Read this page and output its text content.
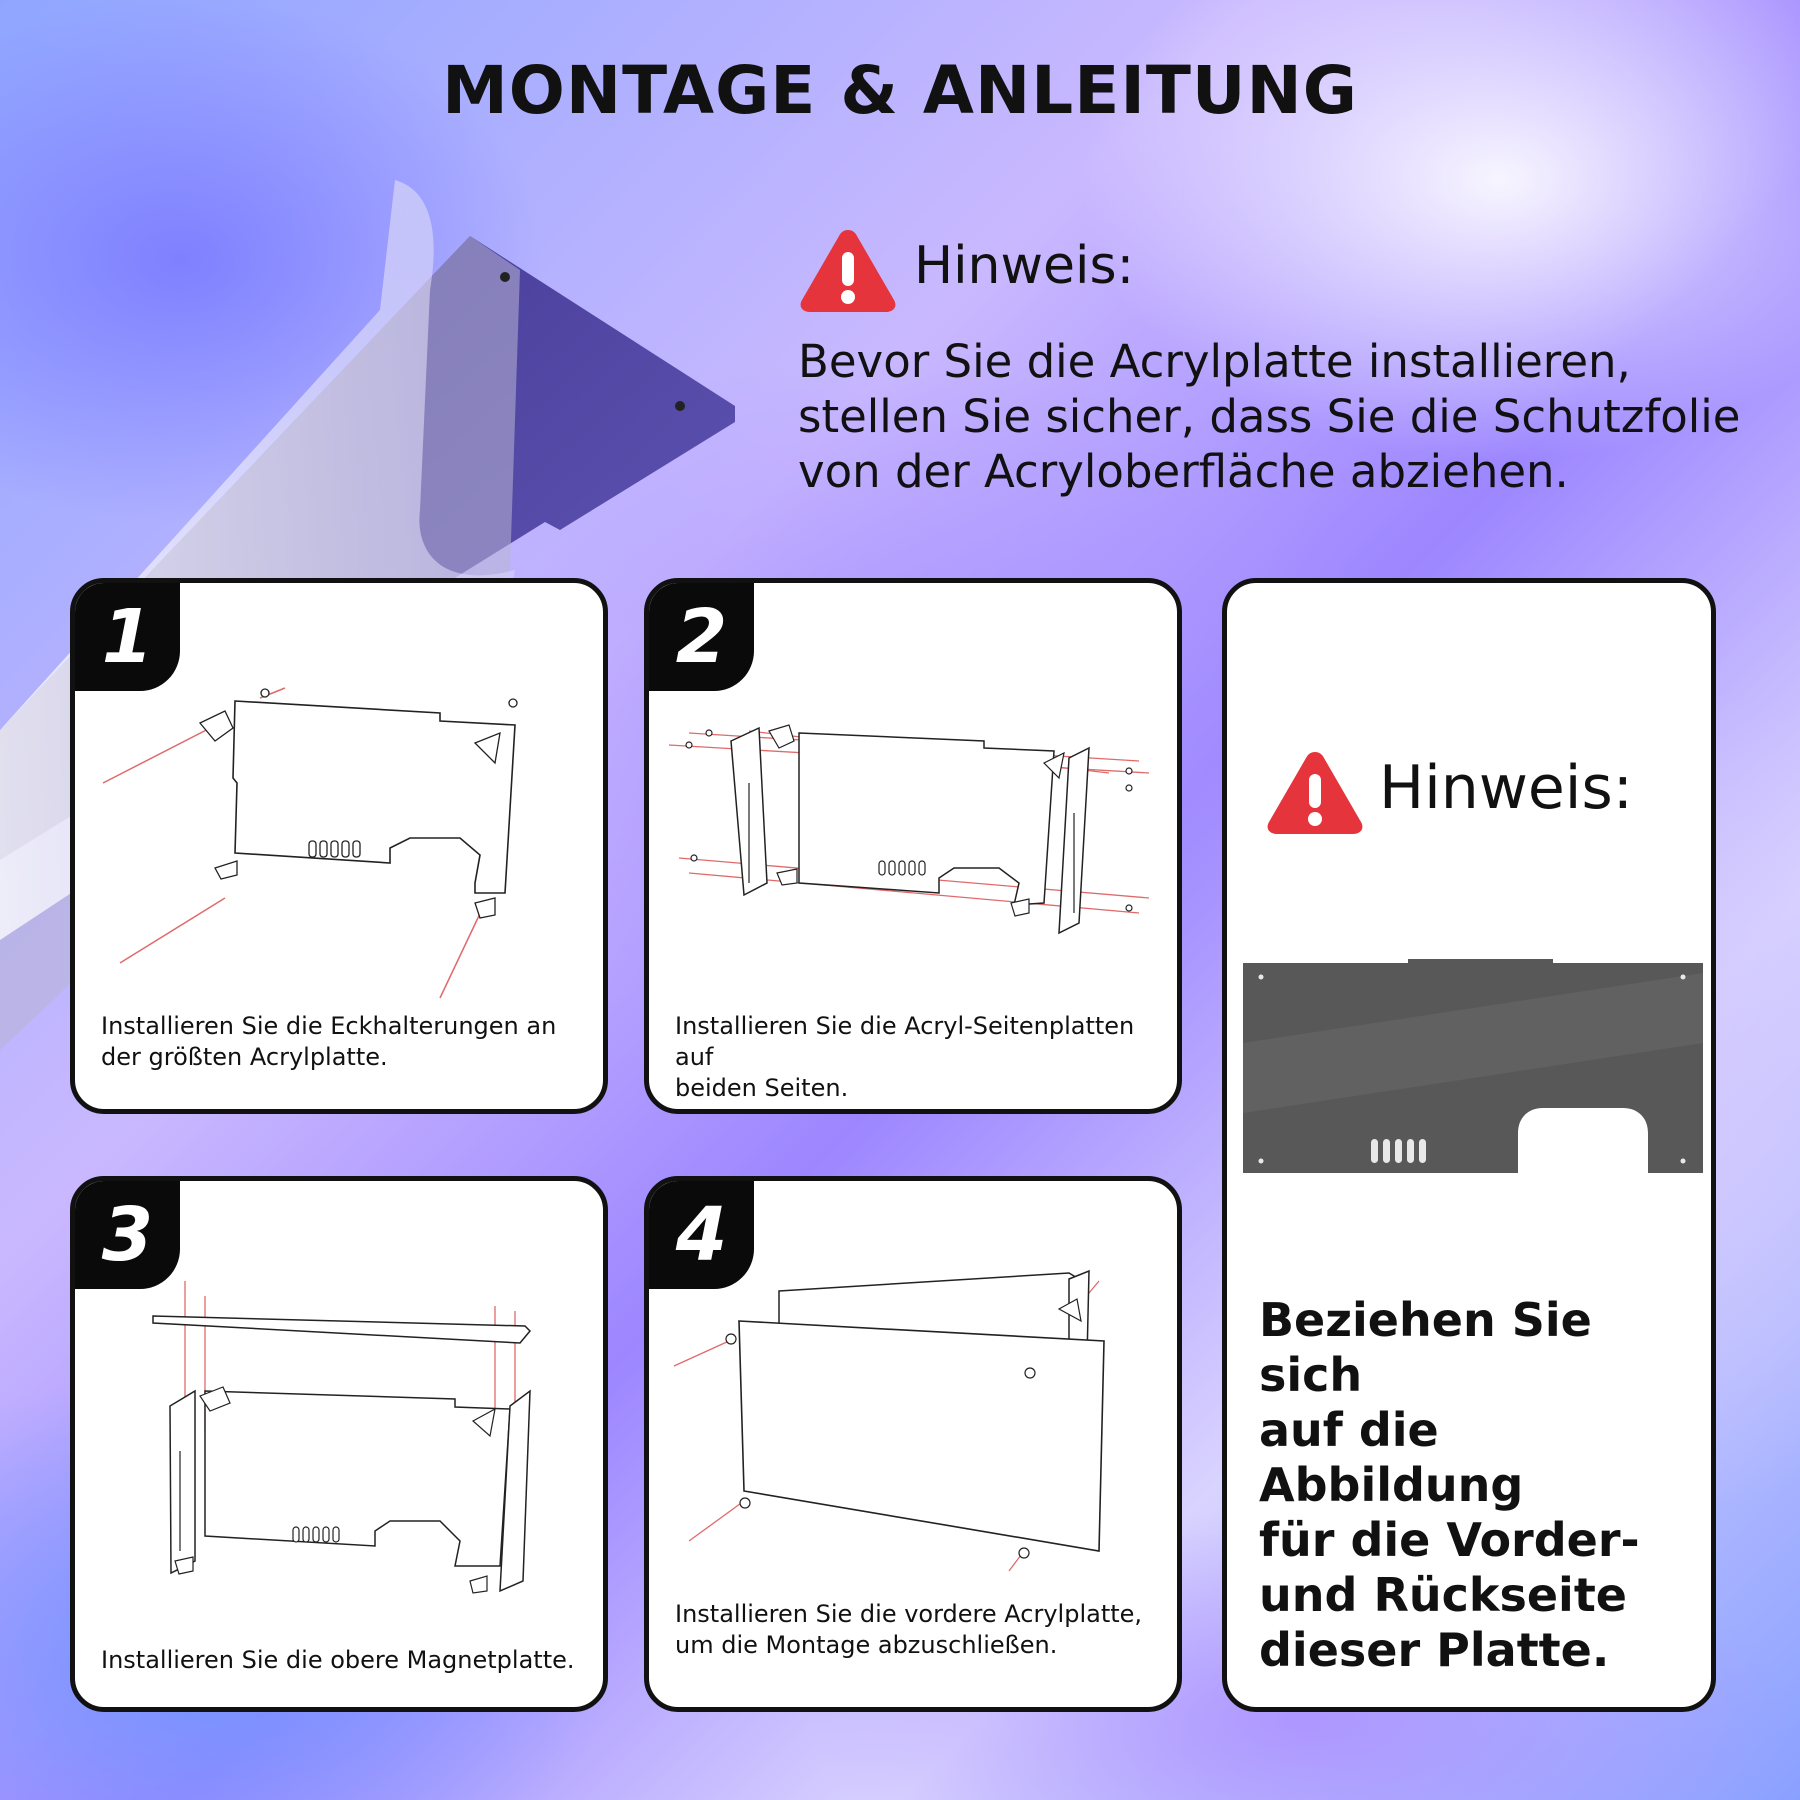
MONTAGE & ANLEITUNG
Hinweis:
Bevor Sie die Acrylplatte installieren,
stellen Sie sicher, dass Sie die Schutzfolie
von der Acryloberfläche abziehen.
1
Installieren Sie die Eckhalterungen an
der größten Acrylplatte.
2
Installieren Sie die Acryl-Seitenplatten auf
beiden Seiten.
3
Installieren Sie die obere Magnetplatte.
4
Installieren Sie die vordere Acrylplatte,
um die Montage abzuschließen.
Hinweis:
Beziehen Sie sich
auf die Abbildung
für die Vorder-
und Rückseite
dieser Platte.
